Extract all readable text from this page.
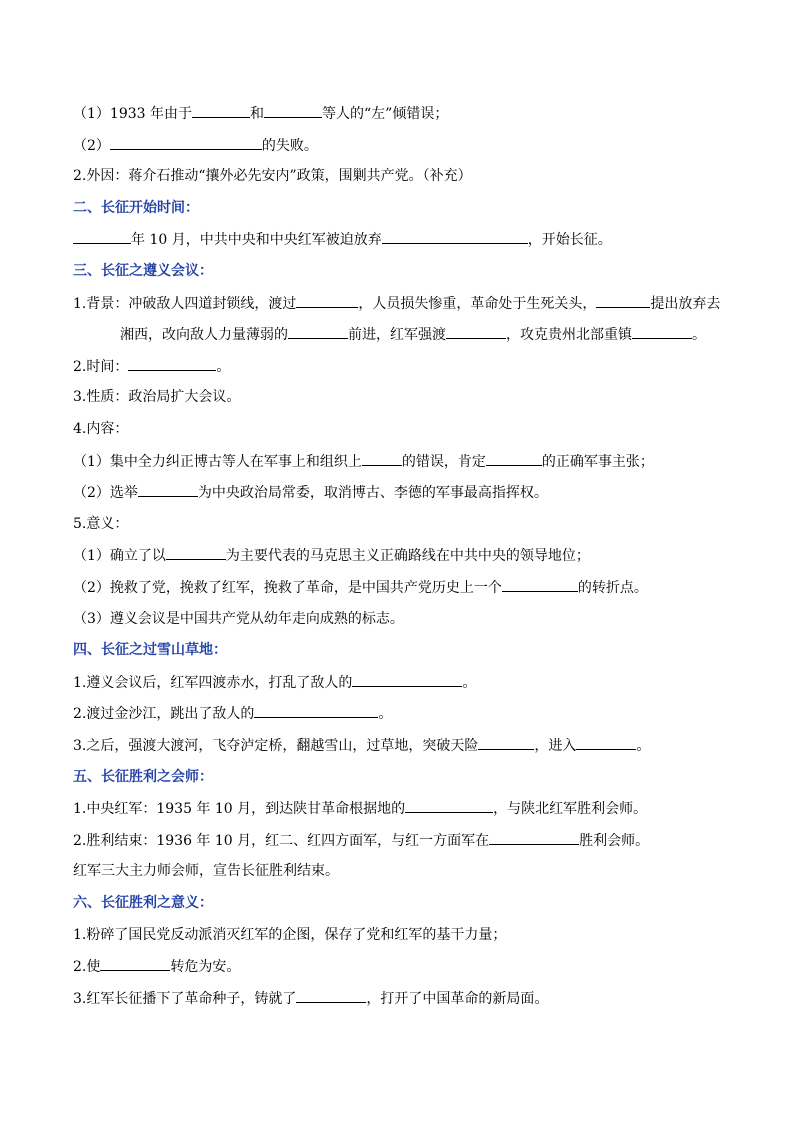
（1）1933 年由于	和	等人的“左”倾错误；
（2）	的失败。
2.外因：蒋介石推动“攘外必先安内”政策，围剿共产党。（补充）
二、长征开始时间：
年 10 月，中共中央和中央红军被迫放弃	，开始长征。
三、长征之遵义会议：
1.背景：冲破敌人四道封锁线，渡过	，人员损失惨重，革命处于生死关头，	提出放弃去
湘西，改向敌人力量薄弱的	前进，红军强渡	，攻克贵州北部重镇	。
2.时间：	。
3.性质：政治局扩大会议。
4.内容：
（1）集中全力纠正博古等人在军事上和组织上	的错误，肯定	的正确军事主张；
（2）选举	为中央政治局常委，取消博古、李德的军事最高指挥权。
5.意义：
（1）确立了以	为主要代表的马克思主义正确路线在中共中央的领导地位；
（2）挽救了党，挽救了红军，挽救了革命，是中国共产党历史上一个	的转折点。
（3）遵义会议是中国共产党从幼年走向成熟的标志。
四、长征之过雪山草地：
1.遵义会议后，红军四渡赤水，打乱了敌人的	。
2.渡过金沙江，跳出了敌人的	。
3.之后，强渡大渡河，飞夺泸定桥，翻越雪山，过草地，突破天险	，进入	。
五、长征胜利之会师：
1.中央红军：1935 年 10 月，到达陕甘革命根据地的	，与陕北红军胜利会师。
2.胜利结束：1936 年 10 月，红二、红四方面军，与红一方面军在	胜利会师。
红军三大主力师会师，宣告长征胜利结束。
六、长征胜利之意义：
1.粉碎了国民党反动派消灭红军的企图，保存了党和红军的基干力量；
2.使	转危为安。
3.红军长征播下了革命种子，铸就了	，打开了中国革命的新局面。
